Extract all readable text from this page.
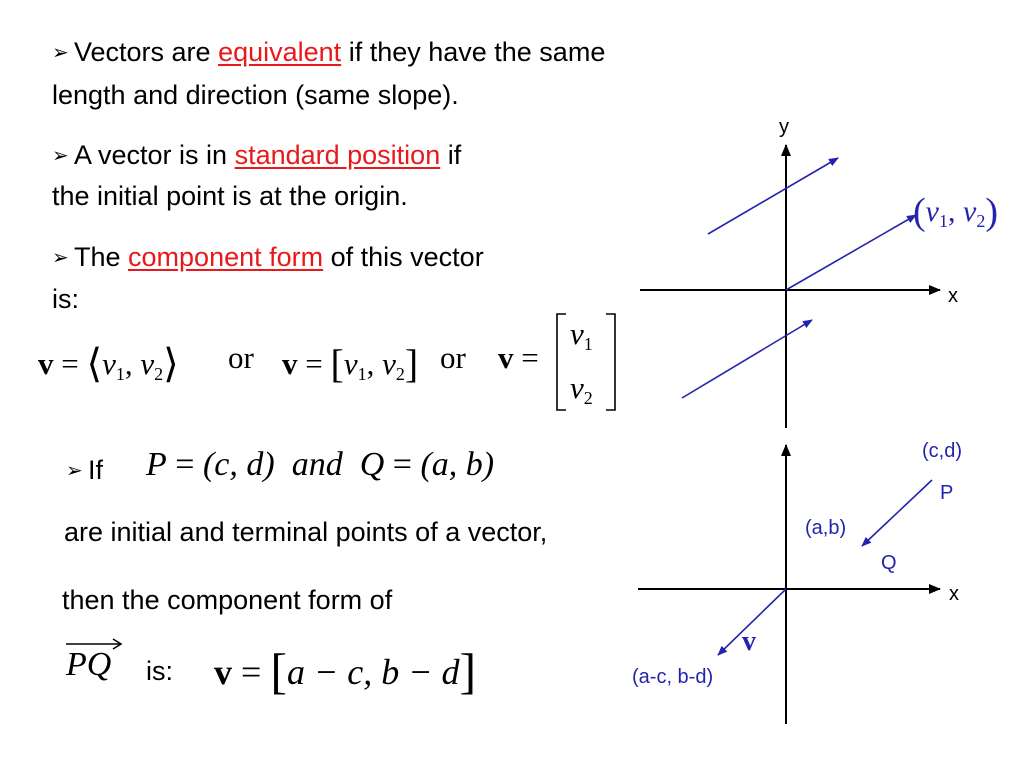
➢ Vectors are equivalent if they have the same
length and direction (same slope).
➢ A vector is in standard position if
the initial point is at the origin.
➢ The component form of this vector
is:
$v = ⟨v_1$, $v_2⟩$ or $v = [v_1$, $v_2$] or v =
$v_1$
$v_2$
➢ If P = (c, d) and Q = (a, b)
are initial and terminal points of a vector,
then the component form of
PQ is: v = [a − c, b − d]
y
x
($v_1$, $v_2$)
(c,d)
P
(a,b)
Q
x
v
(a-c, b-d)
